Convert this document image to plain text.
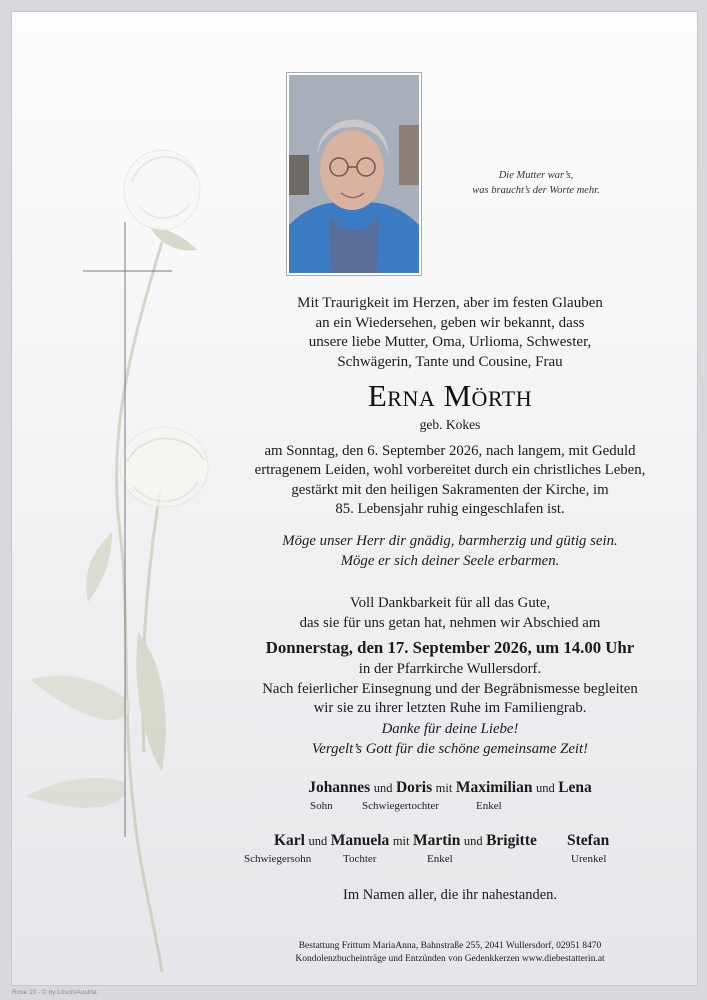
Die Mutter war’s,
was braucht’s der Worte mehr.
Mit Traurigkeit im Herzen, aber im festen Glauben
an ein Wiedersehen, geben wir bekannt, dass
unsere liebe Mutter, Oma, Urlioma, Schwester,
Schwägerin, Tante und Cousine, Frau
Erna Mörth
geb. Kokes
am Sonntag, den 6. September 2026, nach langem, mit Geduld
ertragenem Leiden, wohl vorbereitet durch ein christliches Leben,
gestärkt mit den heiligen Sakramenten der Kirche, im
85. Lebensjahr ruhig eingeschlafen ist.
Möge unser Herr dir gnädig, barmherzig und gütig sein.
Möge er sich deiner Seele erbarmen.
Voll Dankbarkeit für all das Gute,
das sie für uns getan hat, nehmen wir Abschied am
Donnerstag, den 17. September 2026, um 14.00 Uhr
in der Pfarrkirche Wullersdorf.
Nach feierlicher Einsegnung und der Begräbnismesse begleiten
wir sie zu ihrer letzten Ruhe im Familiengrab.
Danke für deine Liebe!
Vergelt’s Gott für die schöne gemeinsame Zeit!
Johannes und Doris mit Maximilian und Lena
Sohn	Schwiegertochter	Enkel
Karl und Manuela mit Martin und Brigitte Stefan
Schwiegersohn	Tochter	Enkel	Urenkel
Im Namen aller, die ihr nahestanden.
Bestattung Frittum MariaAnna, Bahnstraße 255, 2041 Wullersdorf, 02951 8470
Kondolenzbucheinträge und Entzünden von Gedenkkerzen www.diebestatterin.at
Rose 10 - © by Lösch/Austria
